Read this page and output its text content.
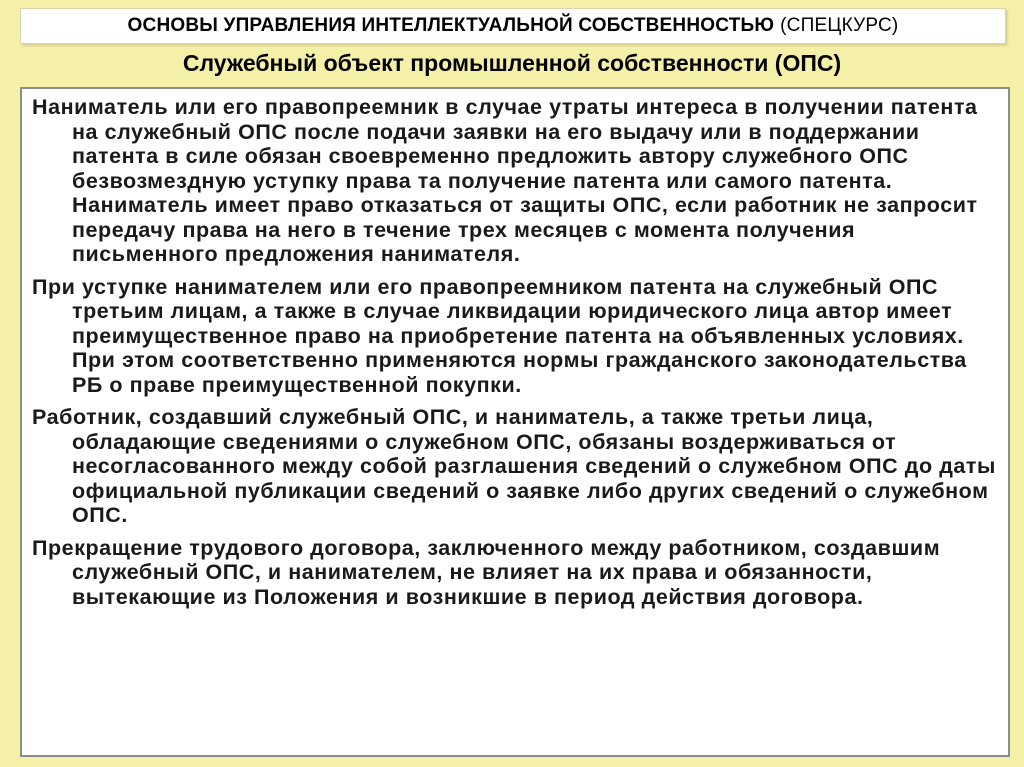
ОСНОВЫ УПРАВЛЕНИЯ ИНТЕЛЛЕКТУАЛЬНОЙ СОБСТВЕННОСТЬЮ (СПЕЦКУРС)
Служебный объект промышленной собственности (ОПС)

Наниматель или его правопреемник в случае утраты интереса в получении патента на служебный ОПС после подачи заявки на его выдачу или в поддержании патента в силе обязан своевременно предложить автору служебного ОПС безвозмездную уступку права та получение патента или самого патента. Наниматель имеет право отказаться от защиты ОПС, если работник не запросит передачу права на него в течение трех месяцев с момента получения письменного предложения нанимателя.

При уступке нанимателем или его правопреемником патента на служебный ОПС третьим лицам, а также в случае ликвидации юридического лица автор имеет преимущественное право на приобретение патента на объявленных условиях. При этом соответственно применяются нормы гражданского законодательства РБ о праве преимущественной покупки.

Работник, создавший служебный ОПС, и наниматель, а также третьи лица, обладающие сведениями о служебном ОПС, обязаны воздерживаться от несогласованного между собой разглашения сведений о служебном ОПС до даты официальной публикации сведений о заявке либо других сведений о служебном ОПС.

Прекращение трудового договора, заключенного между работником, создавшим служебный ОПС, и нанимателем, не влияет на их права и обязанности, вытекающие из Положения и возникшие в период действия договора.
